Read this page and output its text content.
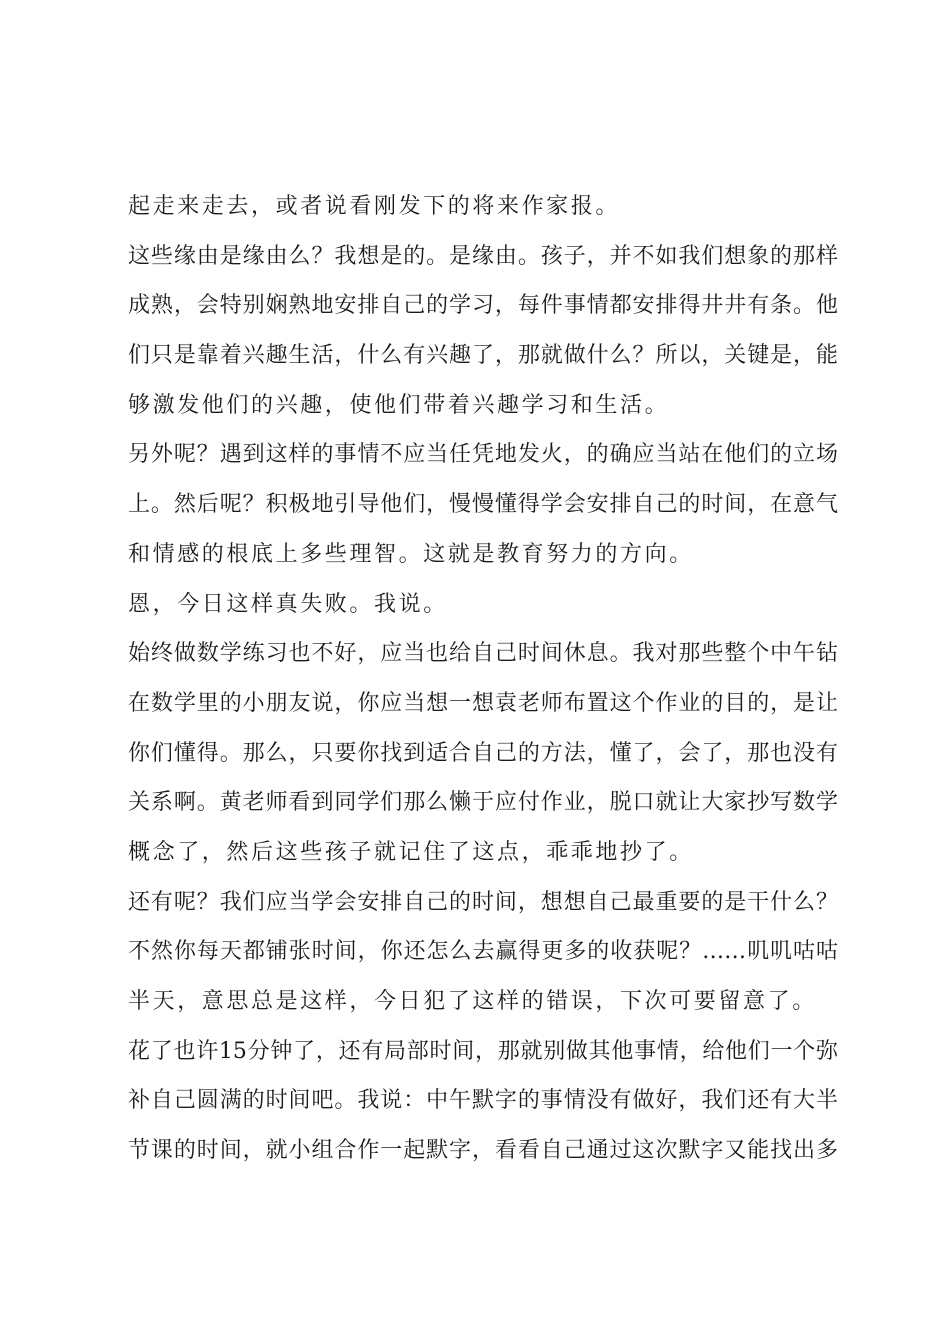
起走来走去，或者说看刚发下的将来作家报。
这些缘由是缘由么？我想是的。是缘由。孩子，并不如我们想象的那样
成熟，会特别娴熟地安排自己的学习，每件事情都安排得井井有条。他
们只是靠着兴趣生活，什么有兴趣了，那就做什么？所以，关键是，能
够激发他们的兴趣，使他们带着兴趣学习和生活。
另外呢？遇到这样的事情不应当任凭地发火，的确应当站在他们的立场
上。然后呢？积极地引导他们，慢慢懂得学会安排自己的时间，在意气
和情感的根底上多些理智。这就是教育努力的方向。
恩，今日这样真失败。我说。
始终做数学练习也不好，应当也给自己时间休息。我对那些整个中午钻
在数学里的小朋友说，你应当想一想袁老师布置这个作业的目的，是让
你们懂得。那么，只要你找到适合自己的方法，懂了，会了，那也没有
关系啊。黄老师看到同学们那么懒于应付作业，脱口就让大家抄写数学
概念了，然后这些孩子就记住了这点，乖乖地抄了。
还有呢？我们应当学会安排自己的时间，想想自己最重要的是干什么？
不然你每天都铺张时间，你还怎么去赢得更多的收获呢？……叽叽咕咕
半天，意思总是这样，今日犯了这样的错误，下次可要留意了。
花了也许15分钟了，还有局部时间，那就别做其他事情，给他们一个弥
补自己圆满的时间吧。我说：中午默字的事情没有做好，我们还有大半
节课的时间，就小组合作一起默字，看看自己通过这次默字又能找出多
